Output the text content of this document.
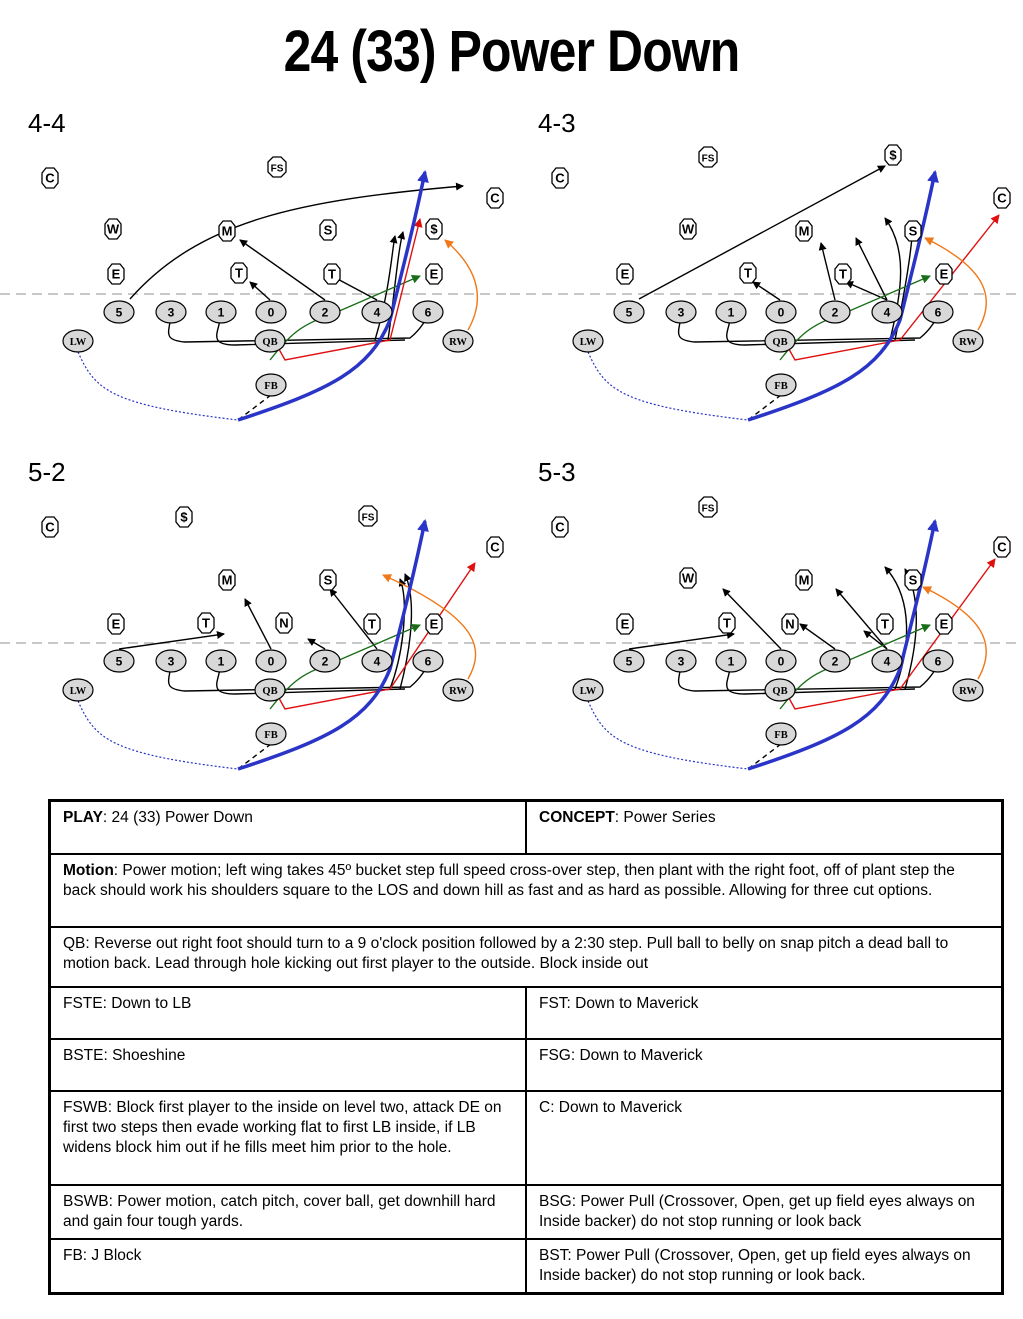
24 (33) Power Down
4-4	4-3
5-2	5-3
5	3	1	0	2	4	6
LW	QB	RW
FB
C
FS
C
W	M	S	$
E	T	T	E
5	3	1	0	2	4	6
LW	QB	RW
FB
C
FS	$
C
W	M	S
E	T	T	E
5	3	1	0	2	4	6
LW	QB	RW
FB
C
$	FS
C
M	S
E	T	N	T	E
5	3	1	0	2	4	6
LW	QB	RW
FB
C
FS
C
W	M	S
E	T	N	T	E
PLAY: 24 (33) Power Down	CONCEPT: Power Series
Motion: Power motion; left wing takes 45º bucket step full speed cross-over step, then plant with the right foot, off of plant step the back should work his shoulders square to the LOS and down hill as fast and as hard as possible. Allowing for three cut options.	
QB: Reverse out right foot should turn to a 9 o'clock position followed by a 2:30 step. Pull ball to belly on snap pitch a dead ball to motion back. Lead through hole kicking out first player to the outside. Block inside out	
FSTE: Down to LB	FST: Down to Maverick
BSTE: Shoeshine	FSG: Down to Maverick
FSWB: Block first player to the inside on level two, attack DE on first two steps then evade working flat to first LB inside, if LB widens block him out if he fills meet him prior to the hole.	C: Down to Maverick
BSWB: Power motion, catch pitch, cover ball, get downhill hard and gain four tough yards.	BSG: Power Pull (Crossover, Open, get up field eyes always on Inside backer) do not stop running or look back
FB: J Block	BST: Power Pull (Crossover, Open, get up field eyes always on Inside backer) do not stop running or look back.
